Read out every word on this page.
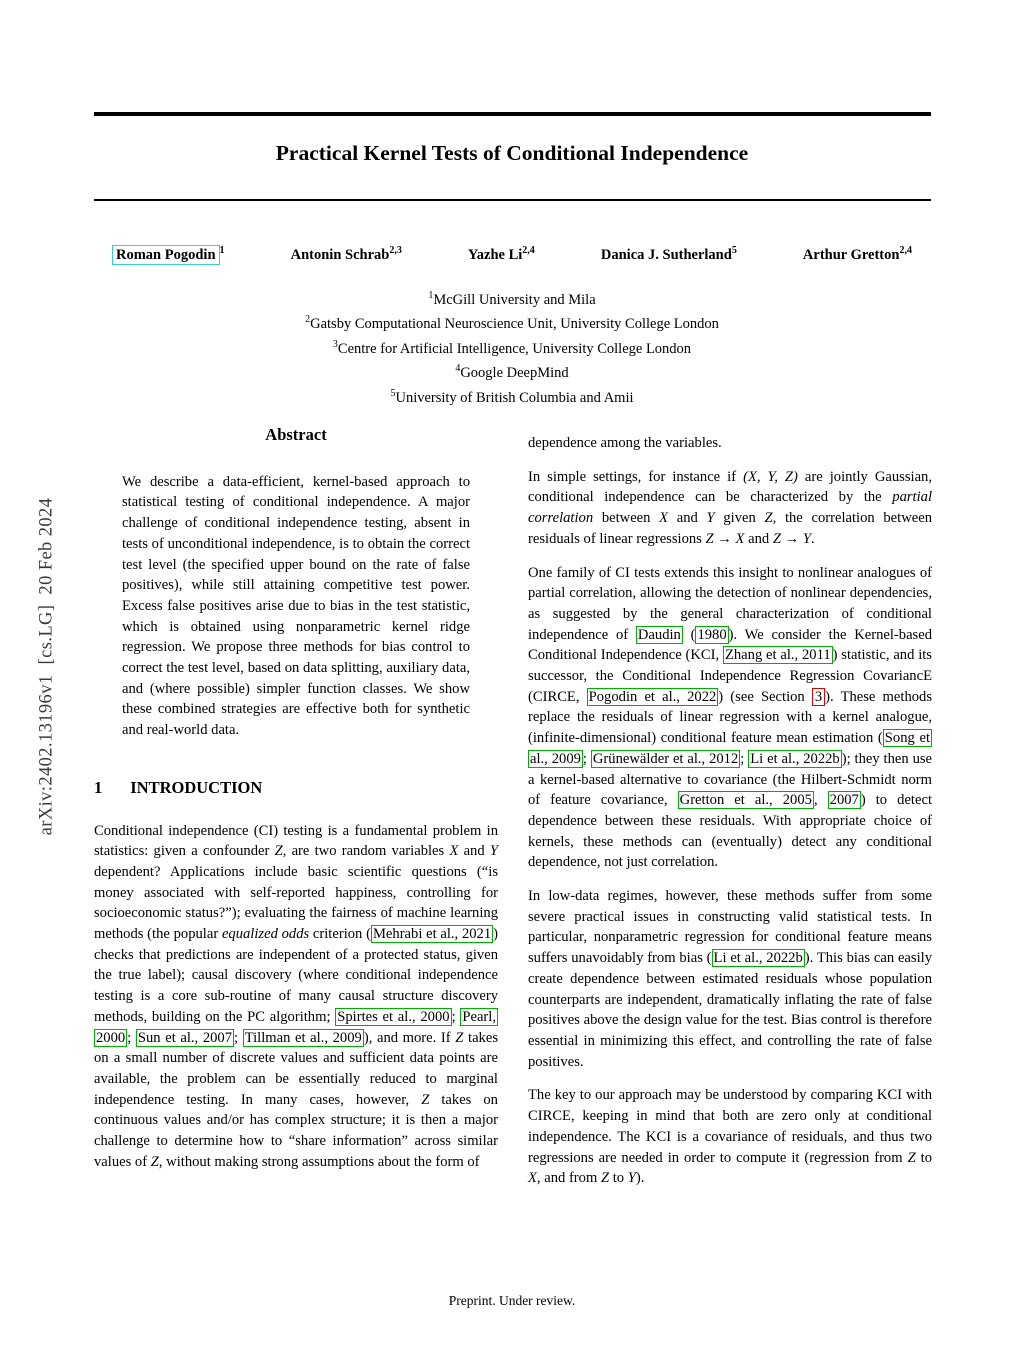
arXiv:2402.13196v1  [cs.LG]  20 Feb 2024
Practical Kernel Tests of Conditional Independence
Roman Pogodin $^1$	Antonin Schrab$^{2,3}$	Yazhe Li$^{2,4}$	Danica J. Sutherland$^5$	Arthur Gretton$^{2,4}$
$^1$McGill University and Mila
$^2$Gatsby Computational Neuroscience Unit, University College London
$^3$Centre for Artificial Intelligence, University College London
$^4$Google DeepMind
$^5$University of British Columbia and Amii
Abstract

We describe a data-efficient, kernel-based approach to statistical testing of conditional independence. A major challenge of conditional independence testing, absent in tests of unconditional independence, is to obtain the correct test level (the specified upper bound on the rate of false positives), while still attaining competitive test power. Excess false positives arise due to bias in the test statistic, which is obtained using nonparametric kernel ridge regression. We propose three methods for bias control to correct the test level, based on data splitting, auxiliary data, and (where possible) simpler function classes. We show these combined strategies are effective both for synthetic and real-world data.

1 INTRODUCTION

Conditional independence (CI) testing is a fundamental problem in statistics: given a confounder Z, are two random variables X and Y dependent? Applications include basic scientific questions (“is money associated with self-reported happiness, controlling for socioeconomic status?”); evaluating the fairness of machine learning methods (the popular equalized odds criterion ( Mehrabi et al., 2021 ) checks that predictions are independent of a protected status, given the true label); causal discovery (where conditional independence testing is a core sub-routine of many causal structure discovery methods, building on the PC algorithm; Spirtes et al., 2000 ; Pearl, 2000 ; Sun et al., 2007 ; Tillman et al., 2009 ), and more. If Z takes on a small number of discrete values and sufficient data points are available, the problem can be essentially reduced to marginal independence testing. In many cases, however, Z takes on continuous values and/or has complex structure; it is then a major challenge to determine how to “share information” across similar values of Z, without making strong assumptions about the form of

dependence among the variables.

In simple settings, for instance if (X, Y, Z) are jointly Gaussian, conditional independence can be characterized by the partial correlation between X and Y given Z, the correlation between residuals of linear regressions Z → X and Z → Y.

One family of CI tests extends this insight to nonlinear analogues of partial correlation, allowing the detection of nonlinear dependencies, as suggested by the general characterization of conditional independence of Daudin ( 1980 ). We consider the Kernel-based Conditional Independence (KCI, Zhang et al., 2011 ) statistic, and its successor, the Conditional Independence Regression CovariancE (CIRCE, Pogodin et al., 2022 ) (see Section 3 ). These methods replace the residuals of linear regression with a kernel analogue, (infinite-dimensional) conditional feature mean estimation ( Song et al., 2009 ; Grünewälder et al., 2012 ; Li et al., 2022b ); they then use a kernel-based alternative to covariance (the Hilbert-Schmidt norm of feature covariance, Gretton et al., 2005 , 2007 ) to detect dependence between these residuals. With appropriate choice of kernels, these methods can (eventually) detect any conditional dependence, not just correlation.

In low-data regimes, however, these methods suffer from some severe practical issues in constructing valid statistical tests. In particular, nonparametric regression for conditional feature means suffers unavoidably from bias ( Li et al., 2022b ). This bias can easily create dependence between estimated residuals whose population counterparts are independent, dramatically inflating the rate of false positives above the design value for the test. Bias control is therefore essential in minimizing this effect, and controlling the rate of false positives.

The key to our approach may be understood by comparing KCI with CIRCE, keeping in mind that both are zero only at conditional independence. The KCI is a covariance of residuals, and thus two regressions are needed in order to compute it (regression from Z to X, and from Z to Y).

Preprint. Under review.
